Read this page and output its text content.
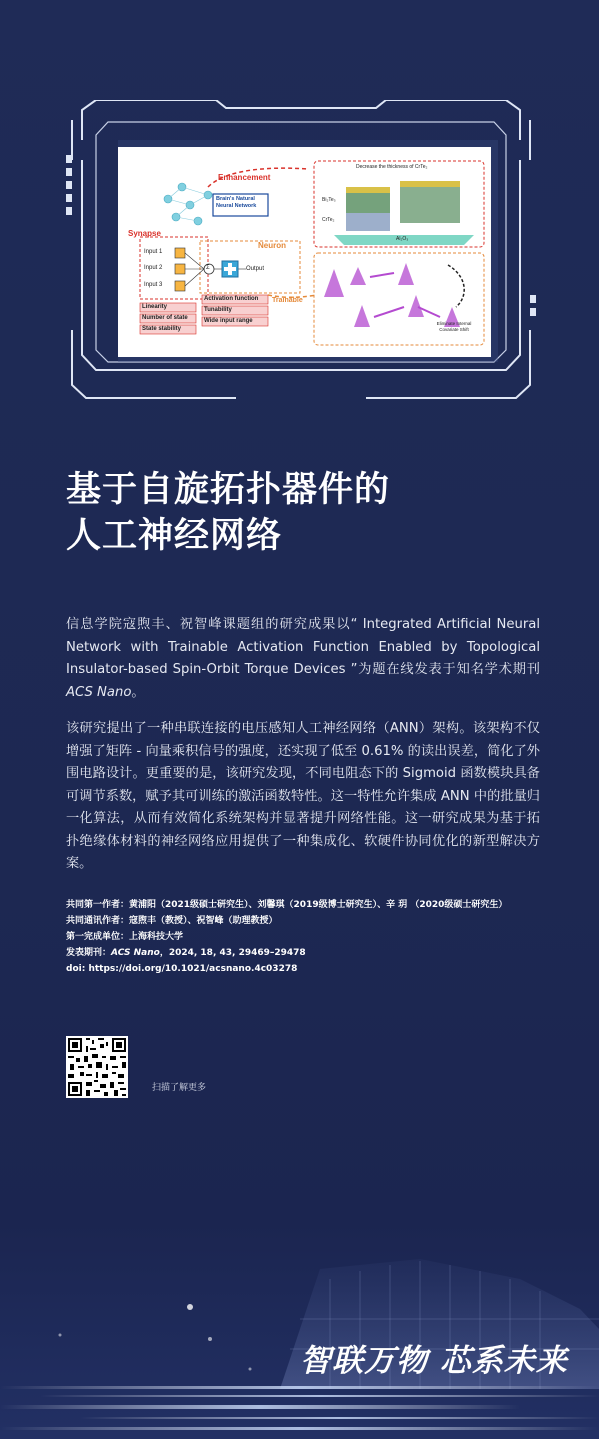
Enhancement
Brain's Natural Neural Network
Synapse
Neuron
Trainable
Input 1
Input 2
Input 3
Σ	Output
Linearity
Number of state
State stability
Activation function
Tunability
Wide input range
Decrease the thickness of CrTe₂
Bi₂Te₃
CrTe₂
Al₂O₃
Eliminate Internal Covariate Shift
基于自旋拓扑器件的
人工神经网络
信息学院寇煦丰、祝智峰课题组的研究成果以“ Integrated Artificial Neural Network with Trainable Activation Function Enabled by Topological Insulator-based Spin-Orbit Torque Devices ”为题在线发表于知名学术期刊ACS Nano。
该研究提出了一种串联连接的电压感知人工神经网络（ANN）架构。该架构不仅增强了矩阵 - 向量乘积信号的强度，还实现了低至 0.61% 的读出误差，简化了外围电路设计。更重要的是，该研究发现，不同电阻态下的 Sigmoid 函数模块具备可调节系数，赋予其可训练的激活函数特性。这一特性允许集成 ANN 中的批量归一化算法，从而有效简化系统架构并显著提升网络性能。这一研究成果为基于拓扑绝缘体材料的神经网络应用提供了一种集成化、软硬件协同优化的新型解决方案。
共同第一作者：黄浦阳（2021级硕士研究生）、刘馨琪（2019级博士研究生）、辛 玥 （2020级硕士研究生）
共同通讯作者：寇煦丰（教授）、祝智峰（助理教授）
第一完成单位：上海科技大学
发表期刊：ACS Nano，2024, 18, 43, 29469–29478
doi: https://doi.org/10.1021/acsnano.4c03278
扫描了解更多
智联万物 芯系未来
